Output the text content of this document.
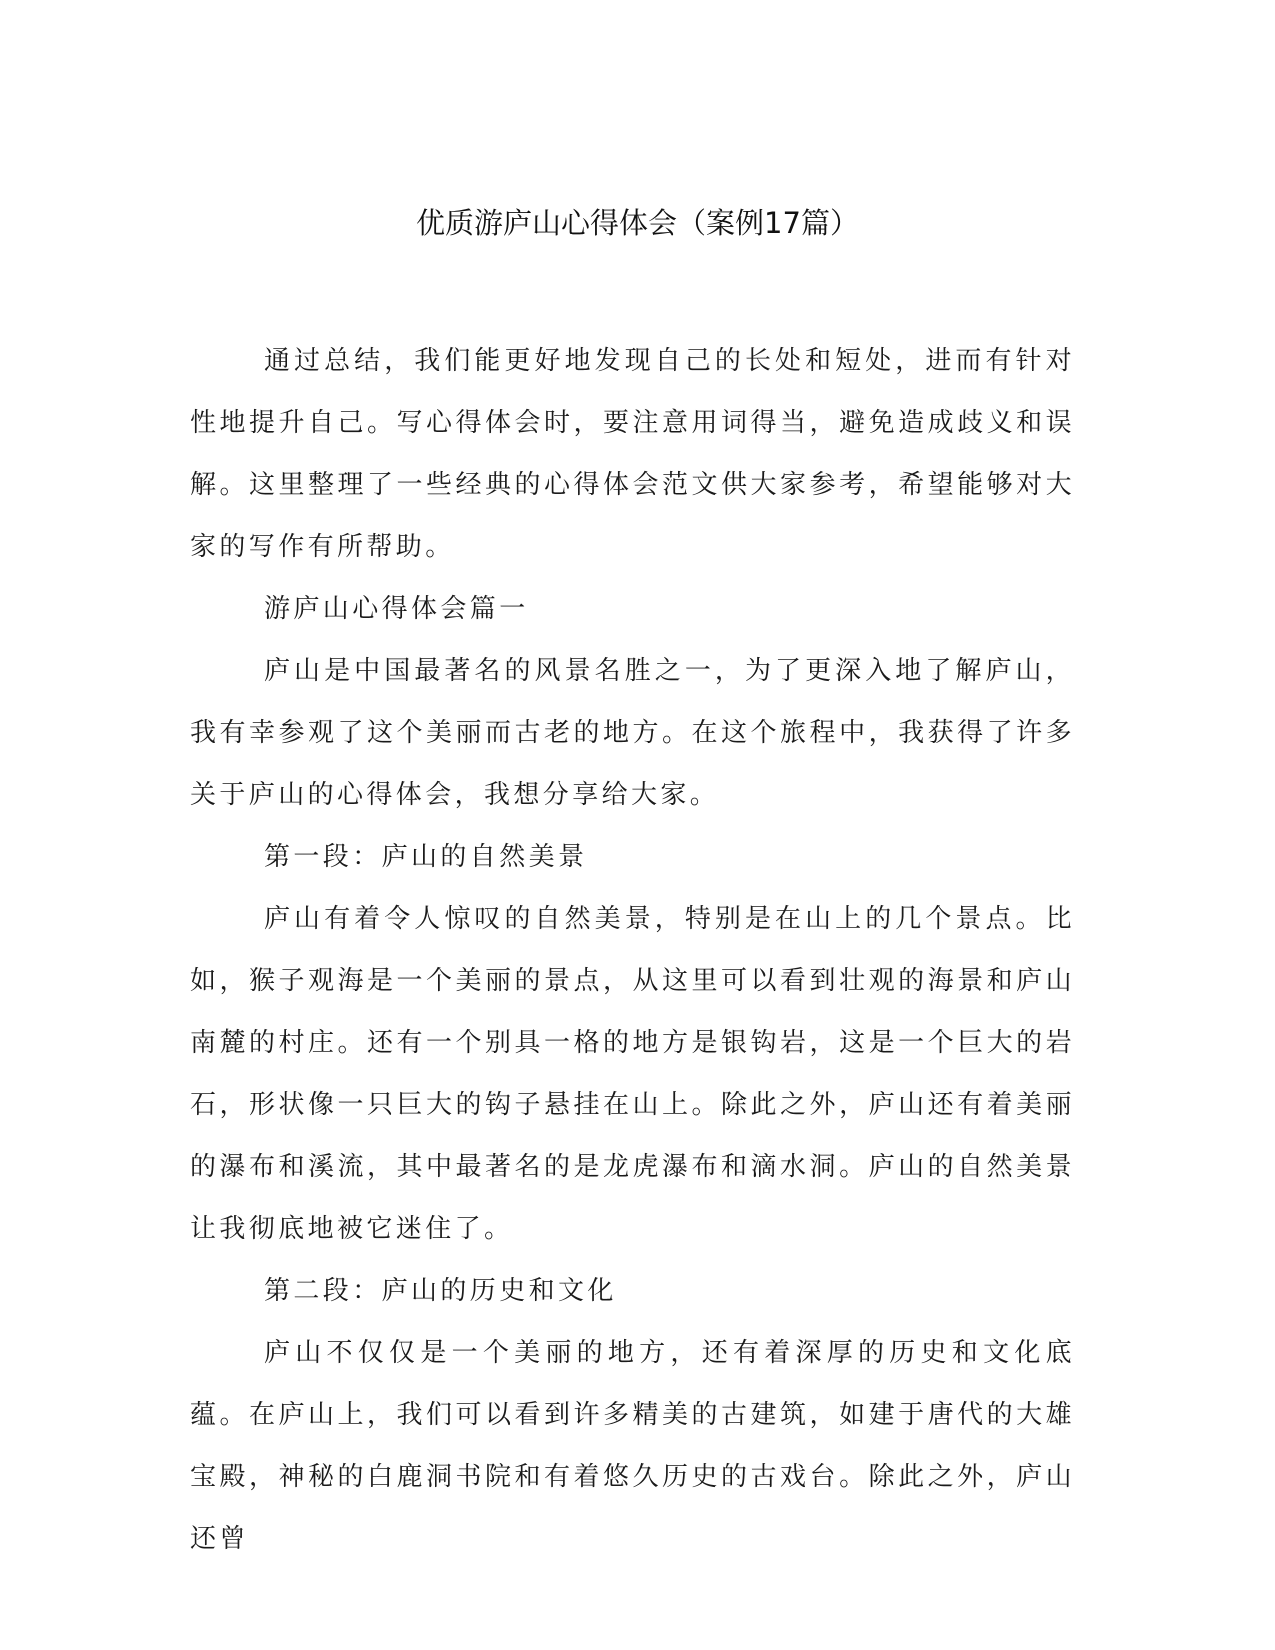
优质游庐山心得体会（案例17篇）

通过总结，我们能更好地发现自己的长处和短处，进而有针对性地提升自己。写心得体会时，要注意用词得当，避免造成歧义和误解。这里整理了一些经典的心得体会范文供大家参考，希望能够对大家的写作有所帮助。

游庐山心得体会篇一

庐山是中国最著名的风景名胜之一，为了更深入地了解庐山，我有幸参观了这个美丽而古老的地方。在这个旅程中，我获得了许多关于庐山的心得体会，我想分享给大家。

第一段：庐山的自然美景

庐山有着令人惊叹的自然美景，特别是在山上的几个景点。比如，猴子观海是一个美丽的景点，从这里可以看到壮观的海景和庐山南麓的村庄。还有一个别具一格的地方是银钩岩，这是一个巨大的岩石，形状像一只巨大的钩子悬挂在山上。除此之外，庐山还有着美丽的瀑布和溪流，其中最著名的是龙虎瀑布和滴水洞。庐山的自然美景让我彻底地被它迷住了。

第二段：庐山的历史和文化

庐山不仅仅是一个美丽的地方，还有着深厚的历史和文化底蕴。在庐山上，我们可以看到许多精美的古建筑，如建于唐代的大雄宝殿，神秘的白鹿洞书院和有着悠久历史的古戏台。除此之外，庐山还曾
